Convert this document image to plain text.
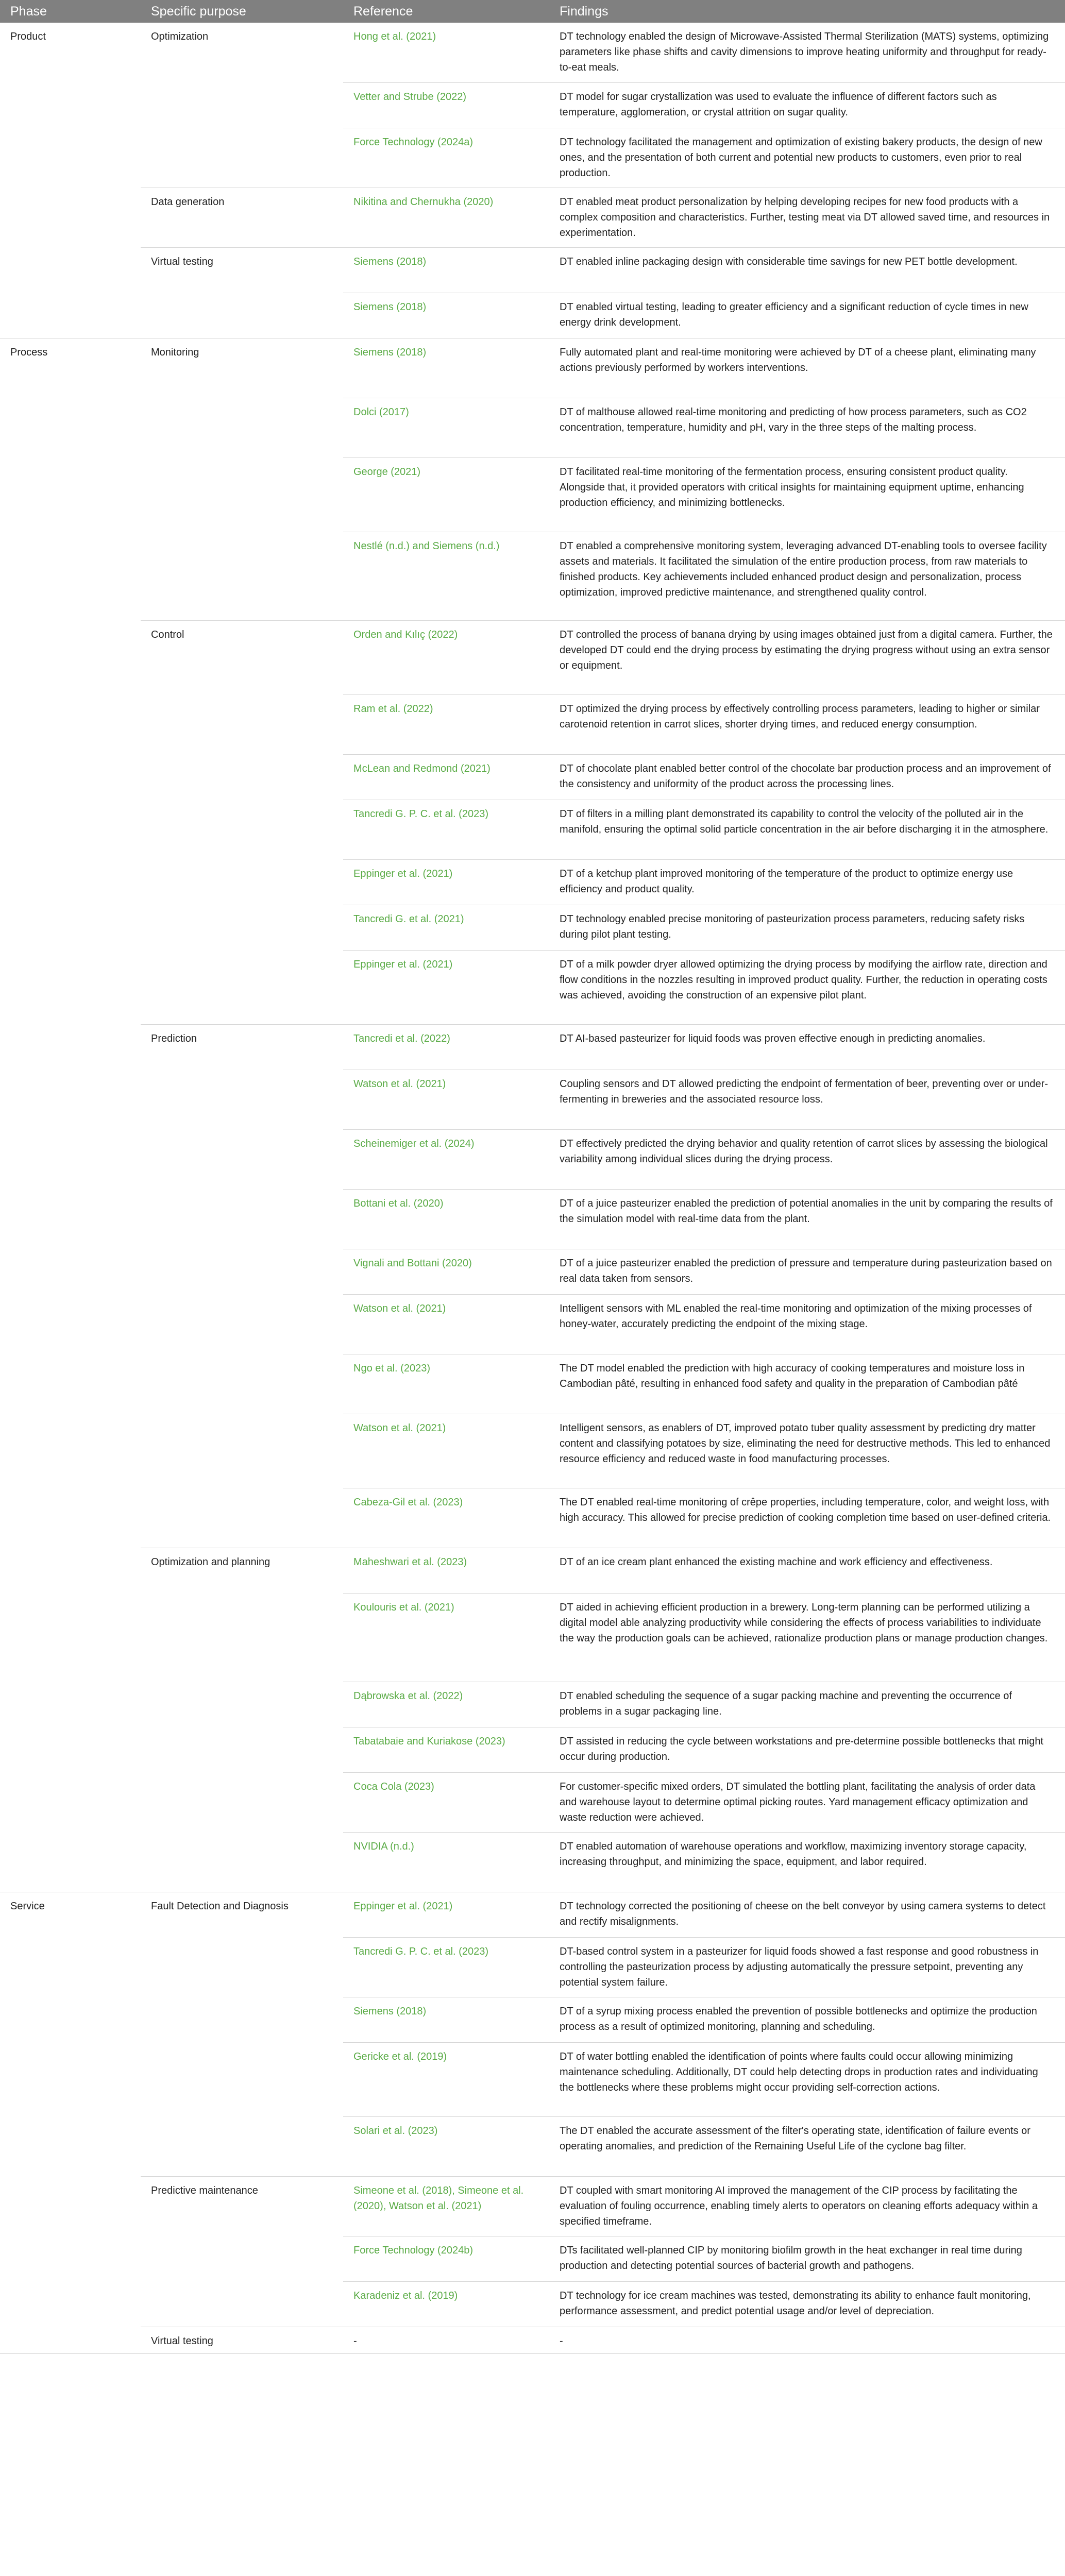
Phase	Specific purpose	Reference	Findings
Product	Optimization	Hong et al. (2021)	DT technology enabled the design of Microwave-Assisted Thermal Sterilization (MATS) systems, optimizing parameters like phase shifts and cavity dimensions to improve heating uniformity and throughput for ready-to-eat meals.
		Vetter and Strube (2022)	DT model for sugar crystallization was used to evaluate the influence of different factors such as temperature, agglomeration, or crystal attrition on sugar quality.
		Force Technology (2024a)	DT technology facilitated the management and optimization of existing bakery products, the design of new ones, and the presentation of both current and potential new products to customers, even prior to real production.
	Data generation	Nikitina and Chernukha (2020)	DT enabled meat product personalization by helping developing recipes for new food products with a complex composition and characteristics. Further, testing meat via DT allowed saved time, and resources in experimentation.
	Virtual testing	Siemens (2018)	DT enabled inline packaging design with considerable time savings for new PET bottle development.
		Siemens (2018)	DT enabled virtual testing, leading to greater efficiency and a significant reduction of cycle times in new energy drink development.
Process	Monitoring	Siemens (2018)	Fully automated plant and real-time monitoring were achieved by DT of a cheese plant, eliminating many actions previously performed by workers interventions.
		Dolci (2017)	DT of malthouse allowed real-time monitoring and predicting of how process parameters, such as CO2 concentration, temperature, humidity and pH, vary in the three steps of the malting process.
		George (2021)	DT facilitated real-time monitoring of the fermentation process, ensuring consistent product quality. Alongside that, it provided operators with critical insights for maintaining equipment uptime, enhancing production efficiency, and minimizing bottlenecks.
		Nestlé (n.d.) and Siemens (n.d.)	DT enabled a comprehensive monitoring system, leveraging advanced DT-enabling tools to oversee facility assets and materials. It facilitated the simulation of the entire production process, from raw materials to finished products. Key achievements included enhanced product design and personalization, process optimization, improved predictive maintenance, and strengthened quality control.
	Control	Orden and Kılıç (2022)	DT controlled the process of banana drying by using images obtained just from a digital camera. Further, the developed DT could end the drying process by estimating the drying progress without using an extra sensor or equipment.
		Ram et al. (2022)	DT optimized the drying process by effectively controlling process parameters, leading to higher or similar carotenoid retention in carrot slices, shorter drying times, and reduced energy consumption.
		McLean and Redmond (2021)	DT of chocolate plant enabled better control of the chocolate bar production process and an improvement of the consistency and uniformity of the product across the processing lines.
		Tancredi G. P. C. et al. (2023)	DT of filters in a milling plant demonstrated its capability to control the velocity of the polluted air in the manifold, ensuring the optimal solid particle concentration in the air before discharging it in the atmosphere.
		Eppinger et al. (2021)	DT of a ketchup plant improved monitoring of the temperature of the product to optimize energy use efficiency and product quality.
		Tancredi G. et al. (2021)	DT technology enabled precise monitoring of pasteurization process parameters, reducing safety risks during pilot plant testing.
		Eppinger et al. (2021)	DT of a milk powder dryer allowed optimizing the drying process by modifying the airflow rate, direction and flow conditions in the nozzles resulting in improved product quality. Further, the reduction in operating costs was achieved, avoiding the construction of an expensive pilot plant.
	Prediction	Tancredi et al. (2022)	DT AI-based pasteurizer for liquid foods was proven effective enough in predicting anomalies.
		Watson et al. (2021)	Coupling sensors and DT allowed predicting the endpoint of fermentation of beer, preventing over or under-fermenting in breweries and the associated resource loss.
		Scheinemiger et al. (2024)	DT effectively predicted the drying behavior and quality retention of carrot slices by assessing the biological variability among individual slices during the drying process.
		Bottani et al. (2020)	DT of a juice pasteurizer enabled the prediction of potential anomalies in the unit by comparing the results of the simulation model with real-time data from the plant.
		Vignali and Bottani (2020)	DT of a juice pasteurizer enabled the prediction of pressure and temperature during pasteurization based on real data taken from sensors.
		Watson et al. (2021)	Intelligent sensors with ML enabled the real-time monitoring and optimization of the mixing processes of honey-water, accurately predicting the endpoint of the mixing stage.
		Ngo et al. (2023)	The DT model enabled the prediction with high accuracy of cooking temperatures and moisture loss in Cambodian pâté, resulting in enhanced food safety and quality in the preparation of Cambodian pâté
		Watson et al. (2021)	Intelligent sensors, as enablers of DT, improved potato tuber quality assessment by predicting dry matter content and classifying potatoes by size, eliminating the need for destructive methods. This led to enhanced resource efficiency and reduced waste in food manufacturing processes.
		Cabeza-Gil et al. (2023)	The DT enabled real-time monitoring of crêpe properties, including temperature, color, and weight loss, with high accuracy. This allowed for precise prediction of cooking completion time based on user-defined criteria.
	Optimization and planning	Maheshwari et al. (2023)	DT of an ice cream plant enhanced the existing machine and work efficiency and effectiveness.
		Koulouris et al. (2021)	DT aided in achieving efficient production in a brewery. Long-term planning can be performed utilizing a digital model able analyzing productivity while considering the effects of process variabilities to individuate the way the production goals can be achieved, rationalize production plans or manage production changes.
		Dąbrowska et al. (2022)	DT enabled scheduling the sequence of a sugar packing machine and preventing the occurrence of problems in a sugar packaging line.
		Tabatabaie and Kuriakose (2023)	DT assisted in reducing the cycle between workstations and pre-determine possible bottlenecks that might occur during production.
		Coca Cola (2023)	For customer-specific mixed orders, DT simulated the bottling plant, facilitating the analysis of order data and warehouse layout to determine optimal picking routes. Yard management efficacy optimization and waste reduction were achieved.
		NVIDIA (n.d.)	DT enabled automation of warehouse operations and workflow, maximizing inventory storage capacity, increasing throughput, and minimizing the space, equipment, and labor required.
Service	Fault Detection and Diagnosis	Eppinger et al. (2021)	DT technology corrected the positioning of cheese on the belt conveyor by using camera systems to detect and rectify misalignments.
		Tancredi G. P. C. et al. (2023)	DT-based control system in a pasteurizer for liquid foods showed a fast response and good robustness in controlling the pasteurization process by adjusting automatically the pressure setpoint, preventing any potential system failure.
		Siemens (2018)	DT of a syrup mixing process enabled the prevention of possible bottlenecks and optimize the production process as a result of optimized monitoring, planning and scheduling.
		Gericke et al. (2019)	DT of water bottling enabled the identification of points where faults could occur allowing minimizing maintenance scheduling. Additionally, DT could help detecting drops in production rates and individuating the bottlenecks where these problems might occur providing self-correction actions.
		Solari et al. (2023)	The DT enabled the accurate assessment of the filter's operating state, identification of failure events or operating anomalies, and prediction of the Remaining Useful Life of the cyclone bag filter.
	Predictive maintenance	Simeone et al. (2018), Simeone et al. (2020), Watson et al. (2021)	DT coupled with smart monitoring AI improved the management of the CIP process by facilitating the evaluation of fouling occurrence, enabling timely alerts to operators on cleaning efforts adequacy within a specified timeframe.
		Force Technology (2024b)	DTs facilitated well-planned CIP by monitoring biofilm growth in the heat exchanger in real time during production and detecting potential sources of bacterial growth and pathogens.
		Karadeniz et al. (2019)	DT technology for ice cream machines was tested, demonstrating its ability to enhance fault monitoring, performance assessment, and predict potential usage and/or level of depreciation.
	Virtual testing	-	-
